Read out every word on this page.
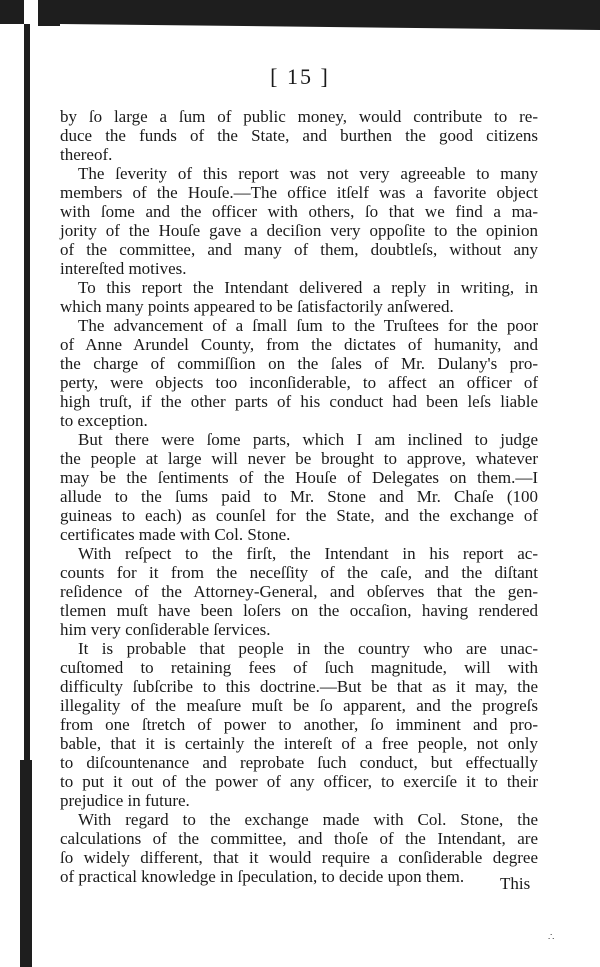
[ 15 ]
by ſo large a ſum of public money, would contribute to re-
duce the funds of the State, and burthen the good citizens
thereof.
The ſeverity of this report was not very agreeable to many
members of the Houſe.—The office itſelf was a favorite object
with ſome and the officer with others, ſo that we find a ma-
jority of the Houſe gave a deciſion very oppoſite to the opinion
of the committee, and many of them, doubtleſs, without any
intereſted motives.
To this report the Intendant delivered a reply in writing, in
which many points appeared to be ſatisfactorily anſwered.
The advancement of a ſmall ſum to the Truſtees for the poor
of Anne Arundel County, from the dictates of humanity, and
the charge of commiſſion on the ſales of Mr. Dulany's pro-
perty, were objects too inconſiderable, to affect an officer of
high truſt, if the other parts of his conduct had been leſs liable
to exception.
But there were ſome parts, which I am inclined to judge
the people at large will never be brought to approve, whatever
may be the ſentiments of the Houſe of Delegates on them.—I
allude to the ſums paid to Mr. Stone and Mr. Chaſe (100
guineas to each) as counſel for the State, and the exchange of
certificates made with Col. Stone.
With reſpect to the firſt, the Intendant in his report ac-
counts for it from the neceſſity of the caſe, and the diſtant
reſidence of the Attorney-General, and obſerves that the gen-
tlemen muſt have been loſers on the occaſion, having rendered
him very conſiderable ſervices.
It is probable that people in the country who are unac-
cuſtomed to retaining fees of ſuch magnitude, will with
difficulty ſubſcribe to this doctrine.—But be that as it may, the
illegality of the meaſure muſt be ſo apparent, and the progreſs
from one ſtretch of power to another, ſo imminent and pro-
bable, that it is certainly the intereſt of a free people, not only
to diſcountenance and reprobate ſuch conduct, but effectually
to put it out of the power of any officer, to exerciſe it to their
prejudice in future.
With regard to the exchange made with Col. Stone, the
calculations of the committee, and thoſe of the Intendant, are
ſo widely different, that it would require a conſiderable degree
of practical knowledge in ſpeculation, to decide upon them.	This
∴
